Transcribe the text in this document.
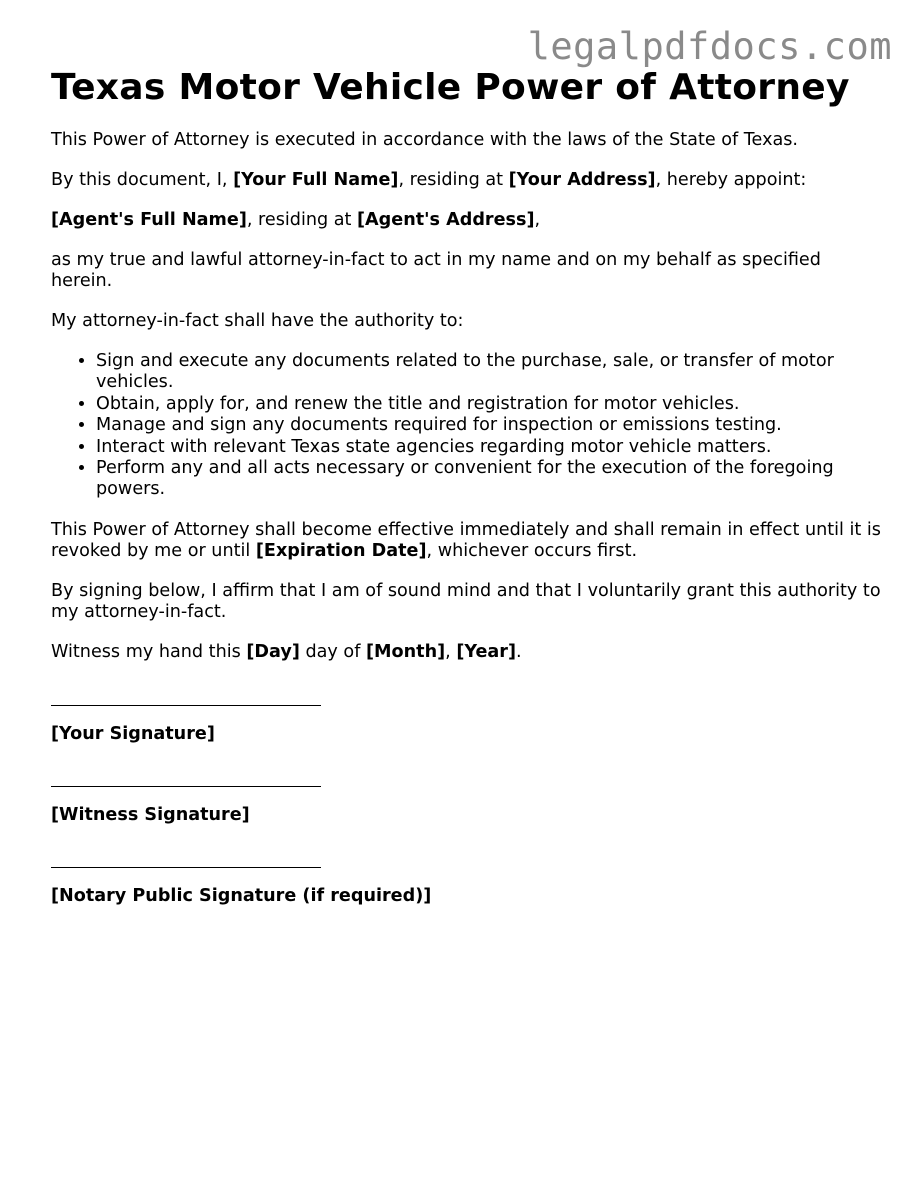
legalpdfdocs.com
Texas Motor Vehicle Power of Attorney

This Power of Attorney is executed in accordance with the laws of the State of Texas.

By this document, I, [Your Full Name], residing at [Your Address], hereby appoint:

[Agent's Full Name], residing at [Agent's Address],

as my true and lawful attorney-in-fact to act in my name and on my behalf as specified herein.

My attorney-in-fact shall have the authority to:

• Sign and execute any documents related to the purchase, sale, or transfer of motor vehicles.
• Obtain, apply for, and renew the title and registration for motor vehicles.
• Manage and sign any documents required for inspection or emissions testing.
• Interact with relevant Texas state agencies regarding motor vehicle matters.
• Perform any and all acts necessary or convenient for the execution of the foregoing powers.

This Power of Attorney shall become effective immediately and shall remain in effect until it is revoked by me or until [Expiration Date], whichever occurs first.

By signing below, I affirm that I am of sound mind and that I voluntarily grant this authority to my attorney-in-fact.

Witness my hand this [Day] day of [Month], [Year].

[Your Signature]
[Witness Signature]
[Notary Public Signature (if required)]
